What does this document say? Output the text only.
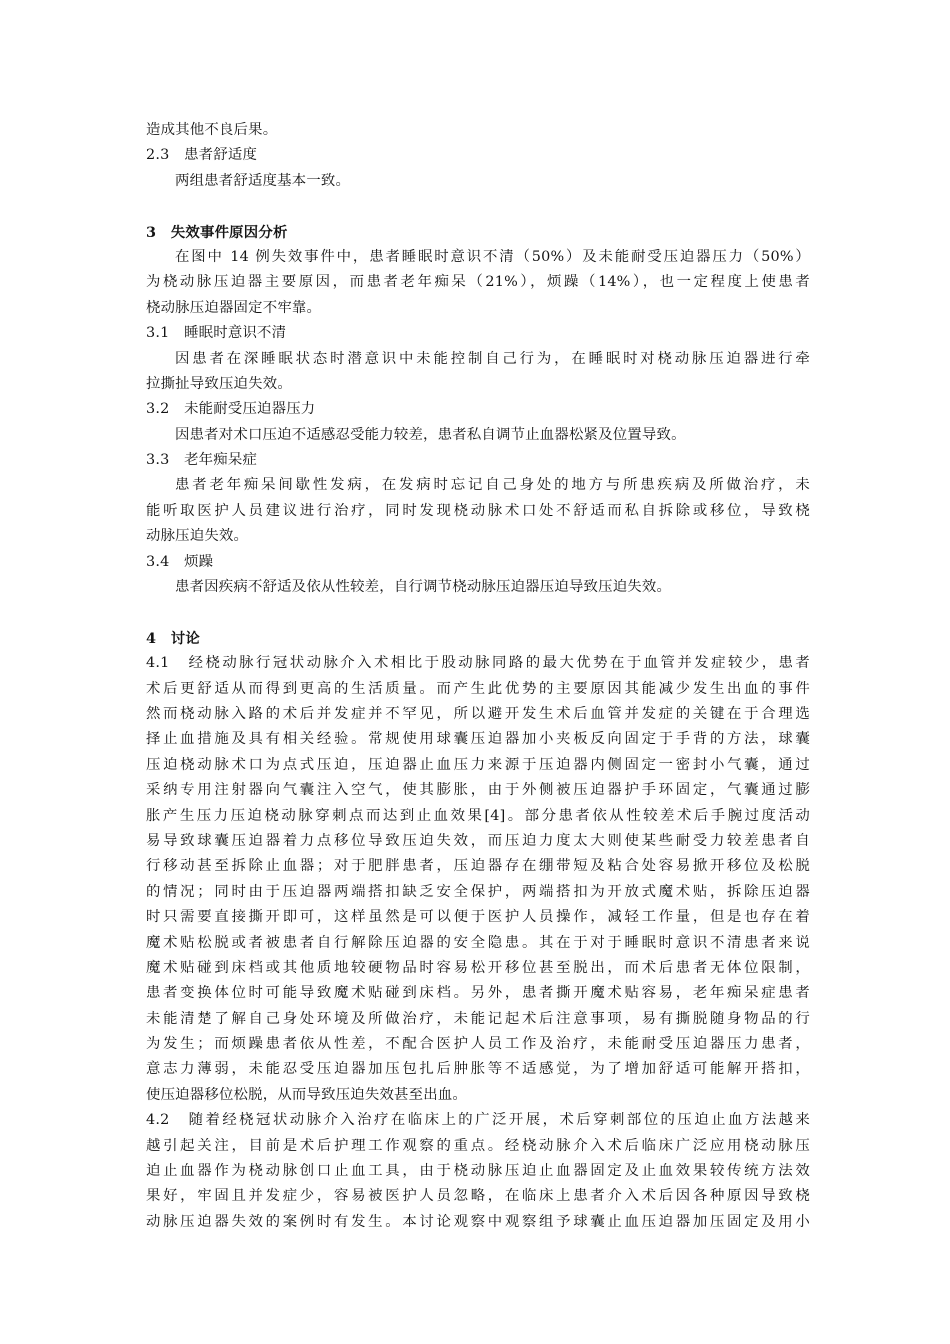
造成其他不良后果。
2.3　患者舒适度
两组患者舒适度基本一致。
3　失效事件原因分析
在图中 14 例失效事件中，患者睡眠时意识不清（50%）及未能耐受压迫器压力（50%）
为桡动脉压迫器主要原因，而患者老年痴呆（21%），烦躁（14%），也一定程度上使患者
桡动脉压迫器固定不牢靠。
3.1　睡眠时意识不清
因患者在深睡眠状态时潜意识中未能控制自己行为，在睡眠时对桡动脉压迫器进行牵
拉撕扯导致压迫失效。
3.2　未能耐受压迫器压力
因患者对术口压迫不适感忍受能力较差，患者私自调节止血器松紧及位置导致。
3.3　老年痴呆症
患者老年痴呆间歇性发病，在发病时忘记自己身处的地方与所患疾病及所做治疗，未
能听取医护人员建议进行治疗，同时发现桡动脉术口处不舒适而私自拆除或移位，导致桡
动脉压迫失效。
3.4　烦躁
患者因疾病不舒适及依从性较差，自行调节桡动脉压迫器压迫导致压迫失效。
4　讨论
4.1　经桡动脉行冠状动脉介入术相比于股动脉同路的最大优势在于血管并发症较少，患者
术后更舒适从而得到更高的生活质量。而产生此优势的主要原因其能减少发生出血的事件
然而桡动脉入路的术后并发症并不罕见，所以避开发生术后血管并发症的关键在于合理选
择止血措施及具有相关经验。常规使用球囊压迫器加小夹板反向固定于手背的方法，球囊
压迫桡动脉术口为点式压迫，压迫器止血压力来源于压迫器内侧固定一密封小气囊，通过
采纳专用注射器向气囊注入空气，使其膨胀，由于外侧被压迫器护手环固定，气囊通过膨
胀产生压力压迫桡动脉穿刺点而达到止血效果[4]。部分患者依从性较差术后手腕过度活动
易导致球囊压迫器着力点移位导致压迫失效，而压迫力度太大则使某些耐受力较差患者自
行移动甚至拆除止血器；对于肥胖患者，压迫器存在绷带短及粘合处容易掀开移位及松脱
的情况；同时由于压迫器两端搭扣缺乏安全保护，两端搭扣为开放式魔术贴，拆除压迫器
时只需要直接撕开即可，这样虽然是可以便于医护人员操作，减轻工作量，但是也存在着
魔术贴松脱或者被患者自行解除压迫器的安全隐患。其在于对于睡眠时意识不清患者来说
魔术贴碰到床档或其他质地较硬物品时容易松开移位甚至脱出，而术后患者无体位限制，
患者变换体位时可能导致魔术贴碰到床档。另外，患者撕开魔术贴容易，老年痴呆症患者
未能清楚了解自己身处环境及所做治疗，未能记起术后注意事项，易有撕脱随身物品的行
为发生；而烦躁患者依从性差，不配合医护人员工作及治疗，未能耐受压迫器压力患者，
意志力薄弱，未能忍受压迫器加压包扎后肿胀等不适感觉，为了增加舒适可能解开搭扣，
使压迫器移位松脱，从而导致压迫失效甚至出血。
4.2　随着经桡冠状动脉介入治疗在临床上的广泛开展，术后穿刺部位的压迫止血方法越来
越引起关注，目前是术后护理工作观察的重点。经桡动脉介入术后临床广泛应用桡动脉压
迫止血器作为桡动脉创口止血工具，由于桡动脉压迫止血器固定及止血效果较传统方法效
果好，牢固且并发症少，容易被医护人员忽略，在临床上患者介入术后因各种原因导致桡
动脉压迫器失效的案例时有发生。本讨论观察中观察组予球囊止血压迫器加压固定及用小
